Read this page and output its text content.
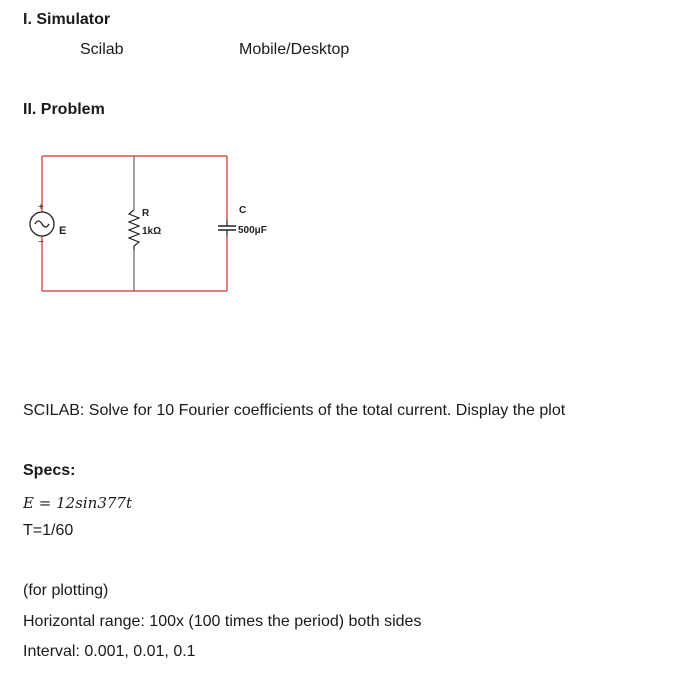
I. Simulator
Scilab	Mobile/Desktop
II. Problem
+
−
E
R
1kΩ
C
500μF
SCILAB: Solve for 10 Fourier coefficients of the total current. Display the plot
Specs:
E = 12sin377t
T=1/60
(for plotting)
Horizontal range: 100x (100 times the period) both sides
Interval: 0.001, 0.01, 0.1
